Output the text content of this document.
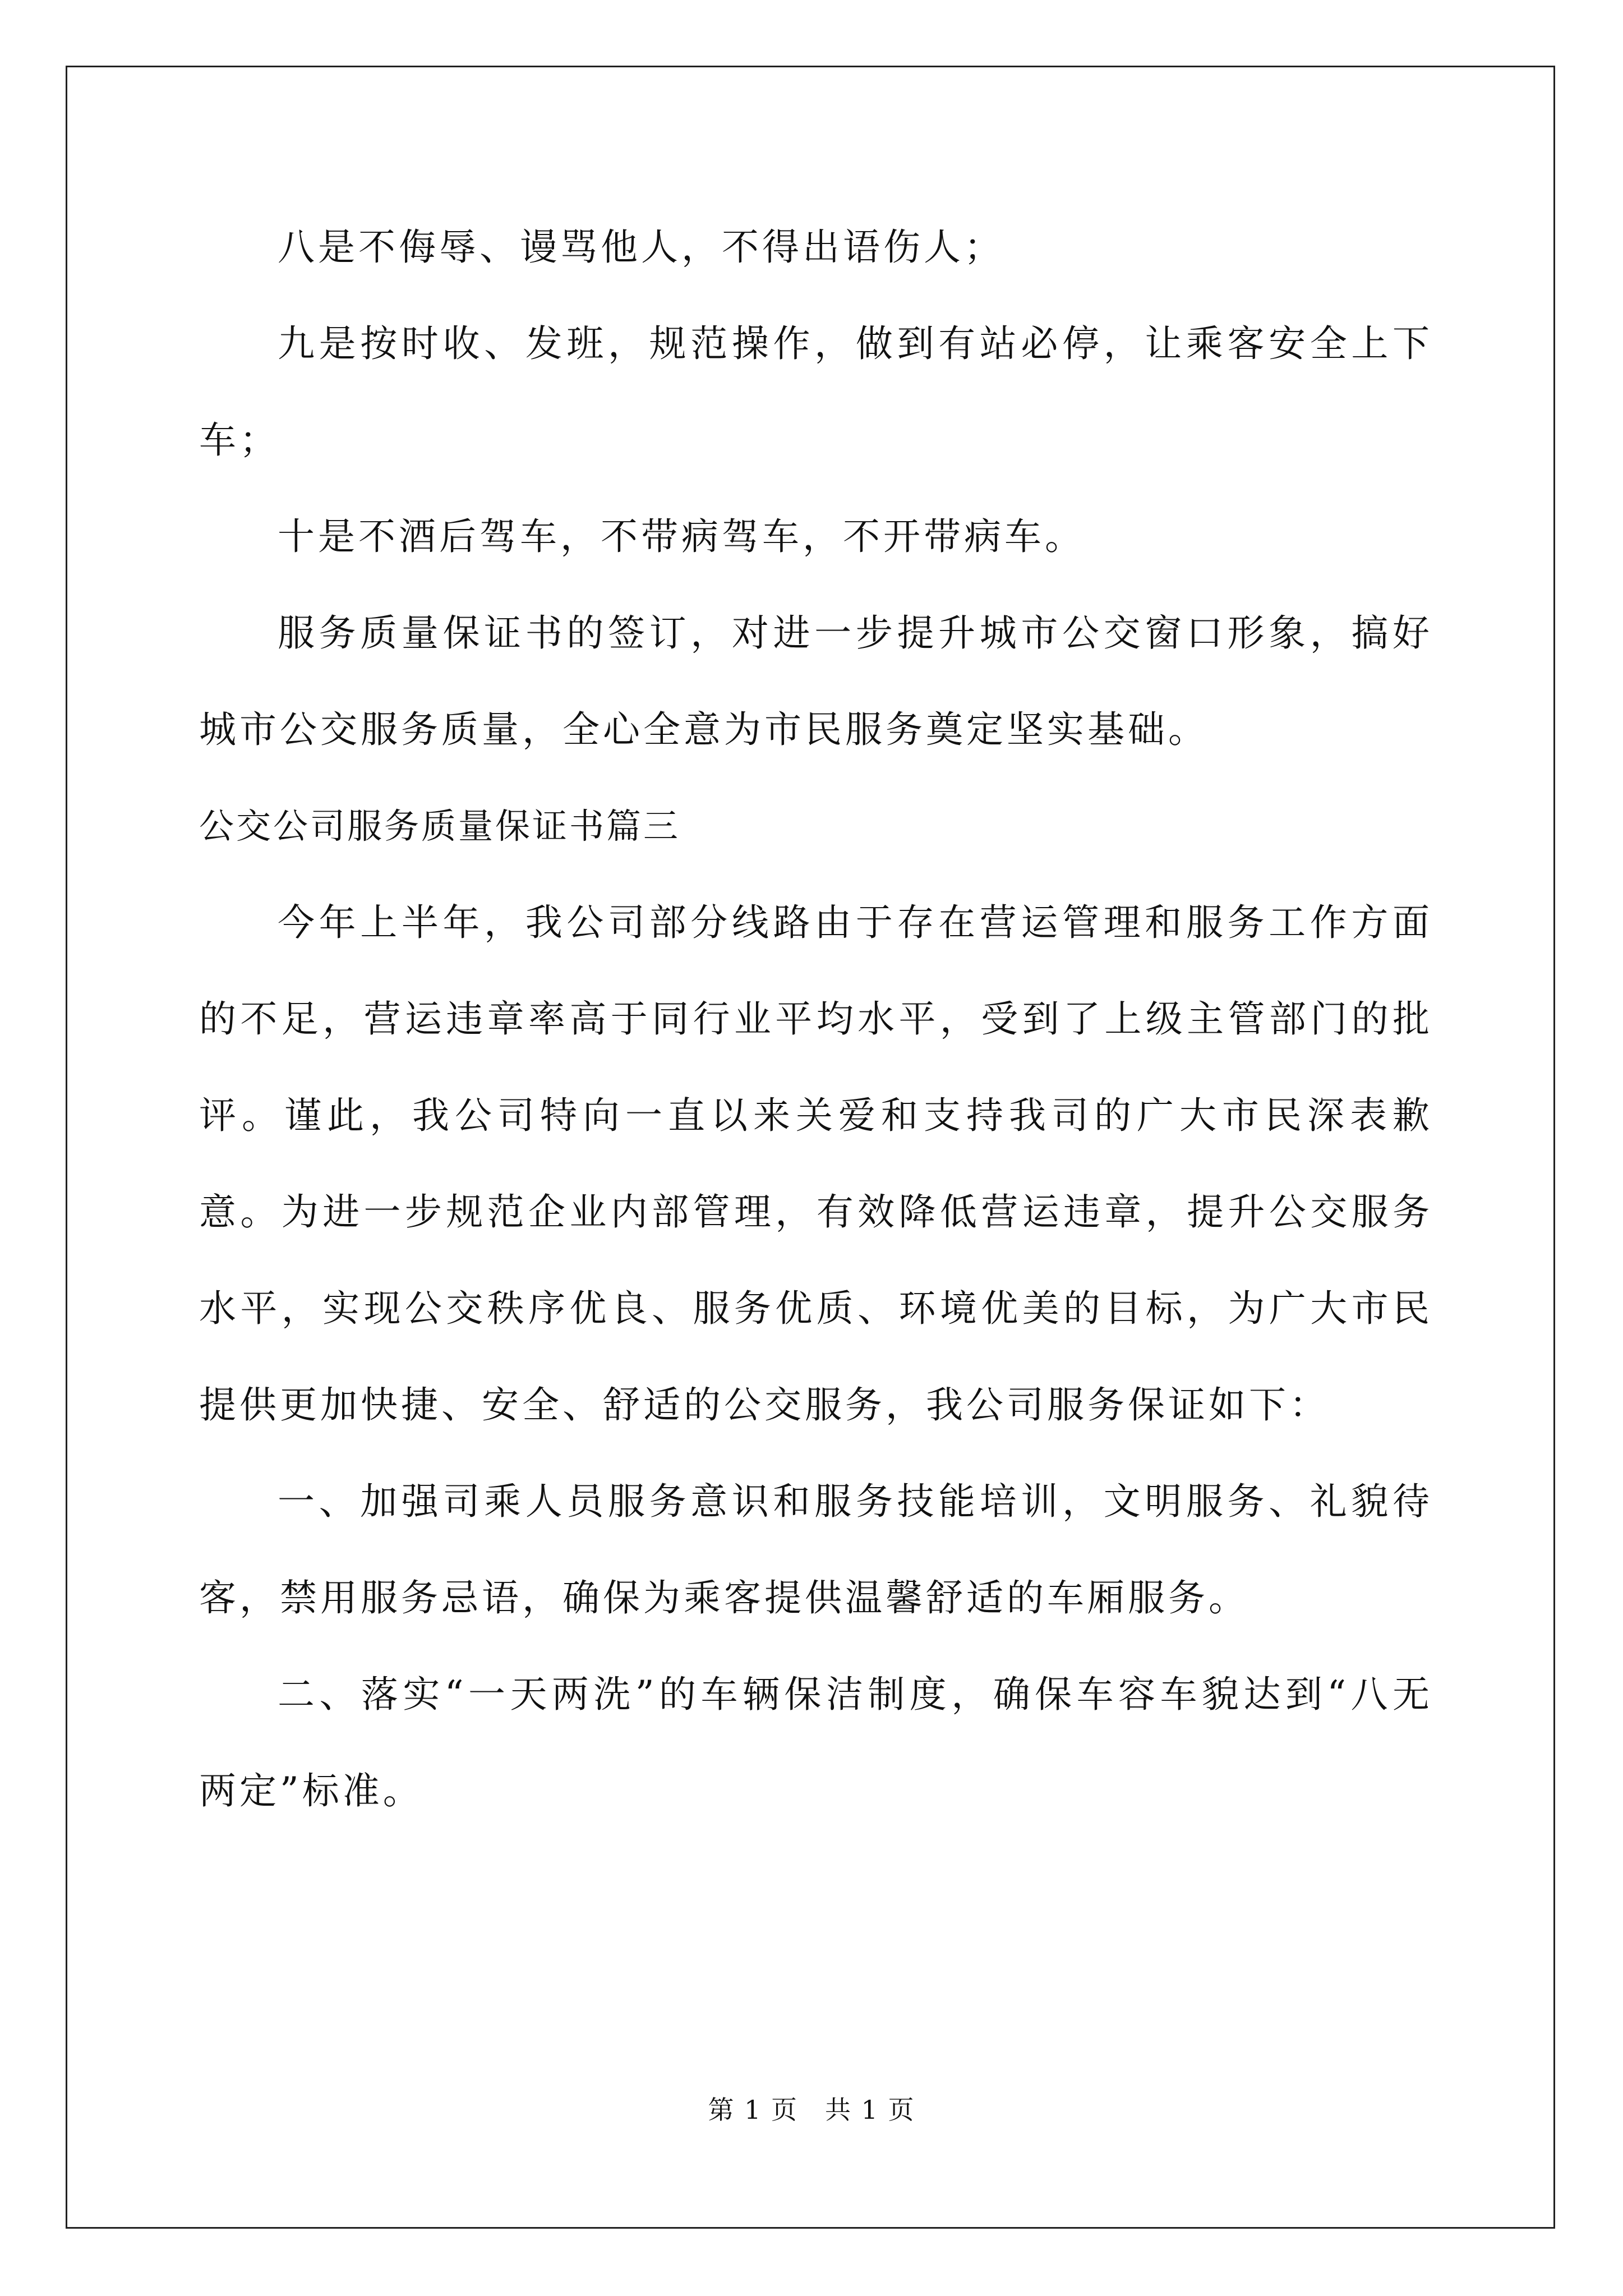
八是不侮辱、谩骂他人，不得出语伤人；

九是按时收、发班，规范操作，做到有站必停，让乘客安全上下车；

十是不酒后驾车，不带病驾车，不开带病车。

服务质量保证书的签订，对进一步提升城市公交窗口形象，搞好城市公交服务质量，全心全意为市民服务奠定坚实基础。

公交公司服务质量保证书篇三

今年上半年，我公司部分线路由于存在营运管理和服务工作方面的不足，营运违章率高于同行业平均水平，受到了上级主管部门的批评。谨此，我公司特向一直以来关爱和支持我司的广大市民深表歉意。为进一步规范企业内部管理，有效降低营运违章，提升公交服务水平，实现公交秩序优良、服务优质、环境优美的目标，为广大市民提供更加快捷、安全、舒适的公交服务，我公司服务保证如下：

一、加强司乘人员服务意识和服务技能培训，文明服务、礼貌待客，禁用服务忌语，确保为乘客提供温馨舒适的车厢服务。

二、落实“一天两洗”的车辆保洁制度，确保车容车貌达到“八无两定”标准。

第 1 页　共 1 页
